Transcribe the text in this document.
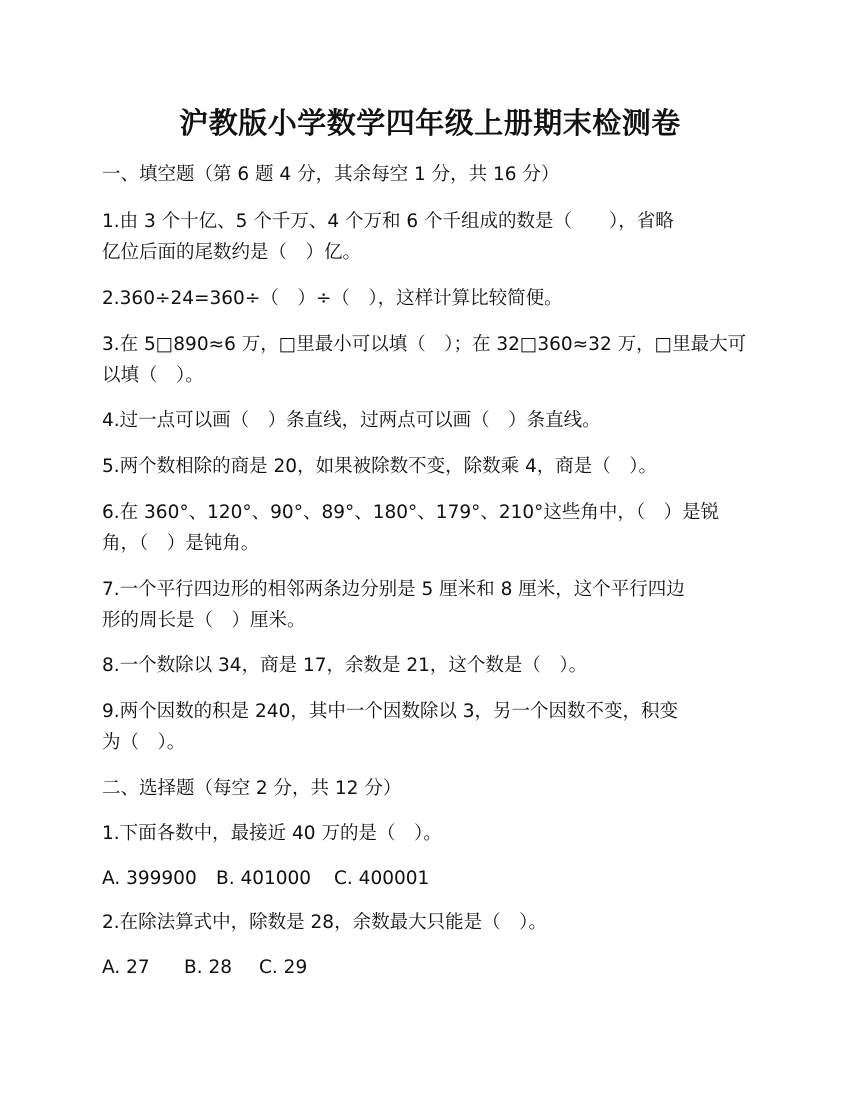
沪教版小学数学四年级上册期末检测卷
一、填空题（第 6 题 4 分，其余每空 1 分，共 16 分）
1.由 3 个十亿、5 个千万、4 个万和 6 个千组成的数是（　　），省略
亿位后面的尾数约是（　）亿。
2.360÷24=360÷（　）÷（　），这样计算比较简便。
3.在 5□890≈6 万，□里最小可以填（　）；在 32□360≈32 万，□里最大可
以填（　）。
4.过一点可以画（　）条直线，过两点可以画（　）条直线。
5.两个数相除的商是 20，如果被除数不变，除数乘 4，商是（　）。
6.在 360°、120°、90°、89°、180°、179°、210°这些角中，（　）是锐
角，（　）是钝角。
7.一个平行四边形的相邻两条边分别是 5 厘米和 8 厘米，这个平行四边
形的周长是（　）厘米。
8.一个数除以 34，商是 17，余数是 21，这个数是（　）。
9.两个因数的积是 240，其中一个因数除以 3，另一个因数不变，积变
为（　）。
二、选择题（每空 2 分，共 12 分）
1.下面各数中，最接近 40 万的是（　）。
A. 399900 B. 401000 C. 400001
2.在除法算式中，除数是 28，余数最大只能是（　）。
A. 27 B. 28 C. 29
